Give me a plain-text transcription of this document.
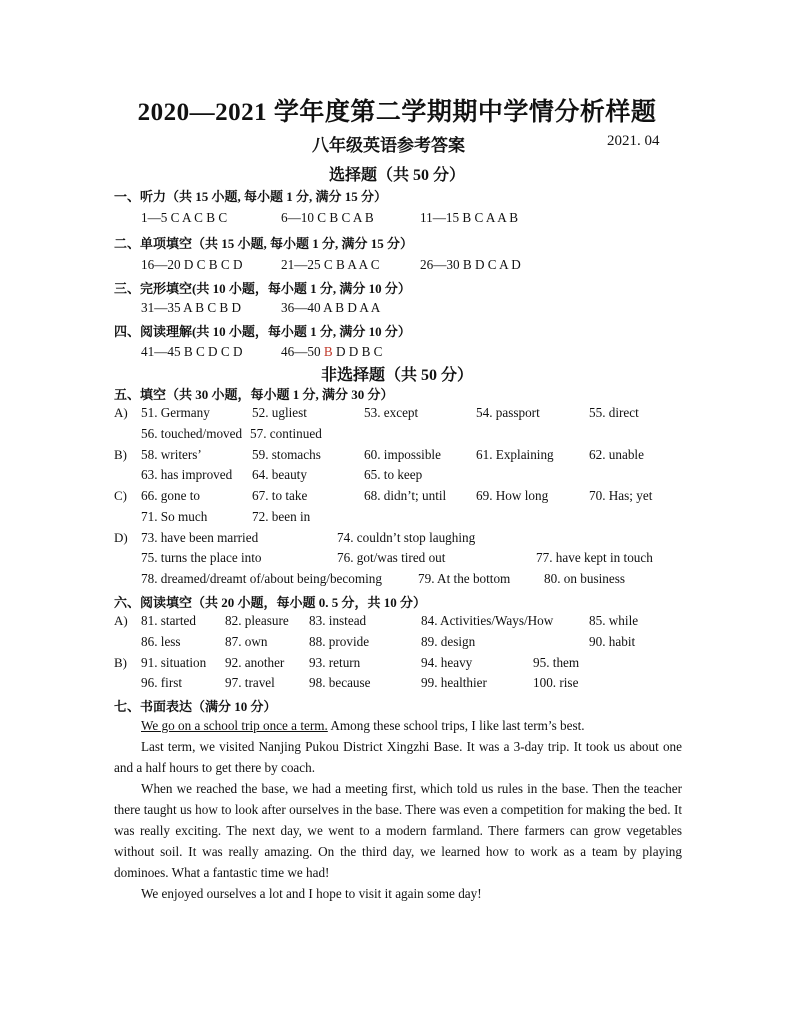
2020—2021 学年度第二学期期中学情分析样题
八年级英语参考答案	2021. 04
选择题（共 50 分）
一、听力（共 15 小题, 每小题 1 分, 满分 15 分）
1—5 C A C B C	6—10 C B C A B	11—15 B C A A B
二、单项填空（共 15 小题, 每小题 1 分, 满分 15 分）
16—20 D C B C D	21—25 C B A A C	26—30 B D C A D
三、完形填空(共 10 小题，每小题 1 分, 满分 10 分）
31—35 A B C B D	36—40 A B D A A
四、阅读理解(共 10 小题，每小题 1 分, 满分 10 分）
41—45 B C D C D	46—50 B D D B C
非选择题（共 50 分）
五、填空（共 30 小题，每小题 1 分, 满分 30 分）
A) 51. Germany	52. ugliest	53. except	54. passport	55. direct
56. touched/moved 57. continued
B) 58. writers’	59. stomachs	60. impossible	61. Explaining	62. unable
63. has improved 64. beauty	65. to keep
C) 66. gone to	67. to take	68. didn’t; until 69. How long	70. Has; yet
71. So much	72. been in
D) 73. have been married	74. couldn’t stop laughing
75. turns the place into	76. got/was tired out	77. have kept in touch
78. dreamed/dreamt of/about being/becoming	79. At the bottom	80. on business
六、阅读填空（共 20 小题，每小题 0. 5 分，共 10 分）
A) 81. started 82. pleasure 83. instead	84. Activities/Ways/How	85. while
86. less	87. own	88. provide	89. design	90. habit
B) 91. situation 92. another 93. return	94. heavy	95. them
96. first	97. travel	98. because	99. healthier	100. rise
七、书面表达（满分 10 分）

We go on a school trip once a term. Among these school trips, I like last term’s best.

Last term, we visited Nanjing Pukou District Xingzhi Base. It was a 3-day trip. It took us about one and a half hours to get there by coach.

When we reached the base, we had a meeting first, which told us rules in the base. Then the teacher there taught us how to look after ourselves in the base. There was even a competition for making the bed. It was really exciting. The next day, we went to a modern farmland. There farmers can grow vegetables without soil. It was really amazing. On the third day, we learned how to work as a team by playing dominoes. What a fantastic time we had!

We enjoyed ourselves a lot and I hope to visit it again some day!
